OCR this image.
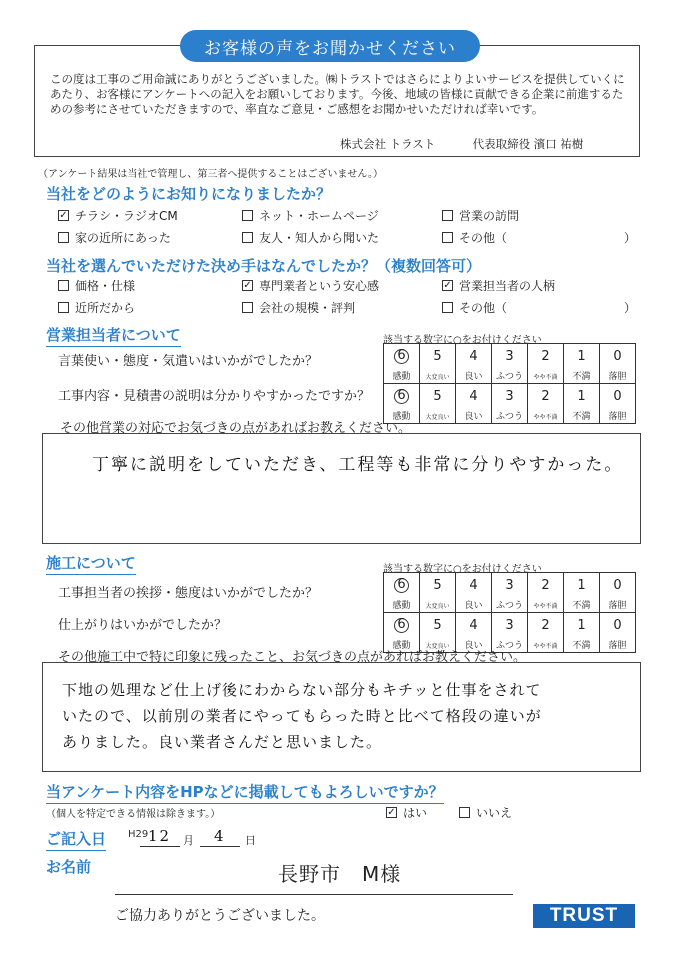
お客様の声をお聞かせください
この度は工事のご用命誠にありがとうございました。㈱トラストではさらによりよいサービスを提供していくにあたり、お客様にアンケートへの記入をお願いしております。今後、地域の皆様に貢献できる企業に前進するための参考にさせていただきますので、率直なご意見・ご感想をお聞かせいただければ幸いです。
株式会社 トラスト	代表取締役 濱口 祐樹
（アンケート結果は当社で管理し、第三者へ提供することはございません。）
当社をどのようにお知りになりましたか？
✓ チラシ・ラジオCM	ネット・ホームページ	営業の訪問
家の近所にあった	友人・知人から聞いた	その他（	）
当社を選んでいただけた決め手はなんでしたか？（複数回答可）
価格・仕様	✓ 専門業者という安心感	✓ 営業担当者の人柄
近所だから	会社の規模・評判	その他（	）
営業担当者について	該当する数字に○をお付けください
言葉使い・態度・気遣いはいかがでしたか？
工事内容・見積書の説明は分かりやすかったですか？
6	5	4	3	2	1	0
感動	大変良い	良い	ふつう	やや不満	不満	落胆
6	5	4	3	2	1	0
感動	大変良い	良い	ふつう	やや不満	不満	落胆
その他営業の対応でお気づきの点があればお教えください。
丁寧に説明をしていただき、工程等も非常に分りやすかった。
施工について	該当する数字に○をお付けください
工事担当者の挨拶・態度はいかがでしたか？
仕上がりはいかがでしたか？
6	5	4	3	2	1	0
感動	大変良い	良い	ふつう	やや不満	不満	落胆
6	5	4	3	2	1	0
感動	大変良い	良い	ふつう	やや不満	不満	落胆
その他施工中で特に印象に残ったこと、お気づきの点があればお教えください。
下地の処理など仕上げ後にわからない部分もキチッと仕事をされて
いたので、以前別の業者にやってもらった時と比べて格段の違いが
ありました。良い業者さんだと思いました。
当アンケート内容をHPなどに掲載してもよろしいですか？
（個人を特定できる情報は除きます。）	✓ はい	いいえ
ご記入日 H29 12 月 4 日
お名前	長野市　M様
ご協力ありがとうございました。	TRUST
